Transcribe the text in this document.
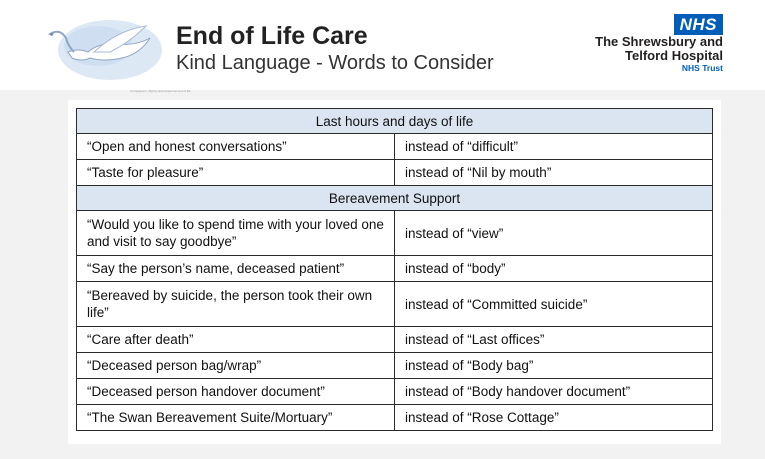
Compassion, dignity and respect at end of life
End of Life Care
Kind Language - Words to Consider
NHS
The Shrewsbury and
Telford Hospital
NHS Trust
Last hours and days of life	
“Open and honest conversations”	instead of “difficult”
“Taste for pleasure”	instead of “Nil by mouth”
Bereavement Support	
“Would you like to spend time with your loved one and visit to say goodbye”	instead of “view”
“Say the person’s name, deceased patient”	instead of “body”
“Bereaved by suicide, the person took their own life”	instead of “Committed suicide”
“Care after death”	instead of “Last offices”
“Deceased person bag/wrap”	instead of “Body bag”
“Deceased person handover document”	instead of “Body handover document”
“The Swan Bereavement Suite/Mortuary”	instead of “Rose Cottage”
